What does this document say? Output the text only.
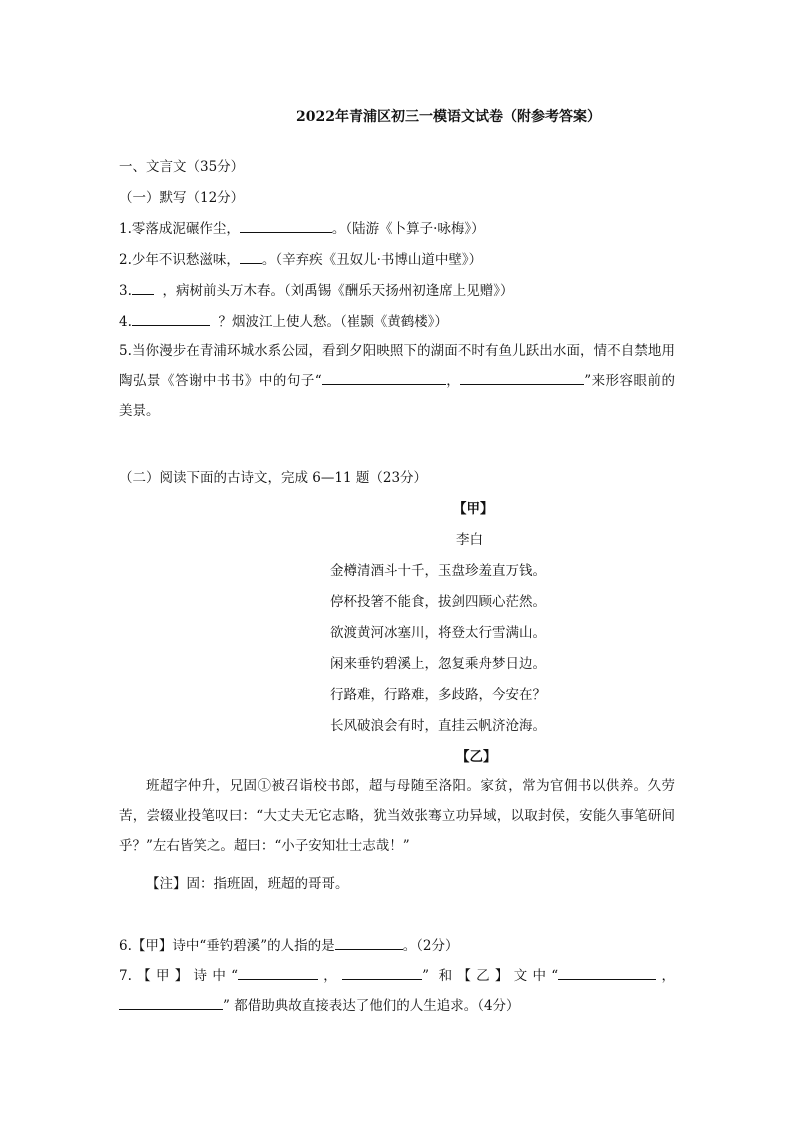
2022年青浦区初三一模语文试卷（附参考答案）
一、文言文（35分）
（一）默写（12分）
1.零落成泥碾作尘，	。（陆游《卜算子·咏梅》）
2.少年不识愁滋味， 。（辛弃疾《丑奴儿·书博山道中壁》）
3. ，病树前头万木春。（刘禹锡《酬乐天扬州初逢席上见赠》）
4.	？烟波江上使人愁。（崔颢《黄鹤楼》）
5.当你漫步在青浦环城水系公园，看到夕阳映照下的湖面不时有鱼儿跃出水面，情不自禁地用陶弘景《答谢中书书》中的句子“	，	”来形容眼前的美景。
（二）阅读下面的古诗文，完成 6—11 题（23分）
【甲】
李白
金樽清酒斗十千，玉盘珍羞直万钱。
停杯投箸不能食，拔剑四顾心茫然。
欲渡黄河冰塞川，将登太行雪满山。
闲来垂钓碧溪上，忽复乘舟梦日边。
行路难，行路难，多歧路，今安在？
长风破浪会有时，直挂云帆济沧海。
【乙】
班超字仲升，兄固①被召诣校书郎，超与母随至洛阳。家贫，常为官佣书以供养。久劳苦，尝辍业投笔叹曰：“大丈夫无它志略，犹当效张骞立功异域，以取封侯，安能久事笔研间乎？”左右皆笑之。超曰：“小子安知壮士志哉！”
【注】固：指班固，班超的哥哥。
6.【甲】诗中“垂钓碧溪”的人指的是	。（2分）
7.【甲】诗中“	，	” 和【乙】文中“	，” 都借助典故直接表达了他们的人生追求。（4分）
